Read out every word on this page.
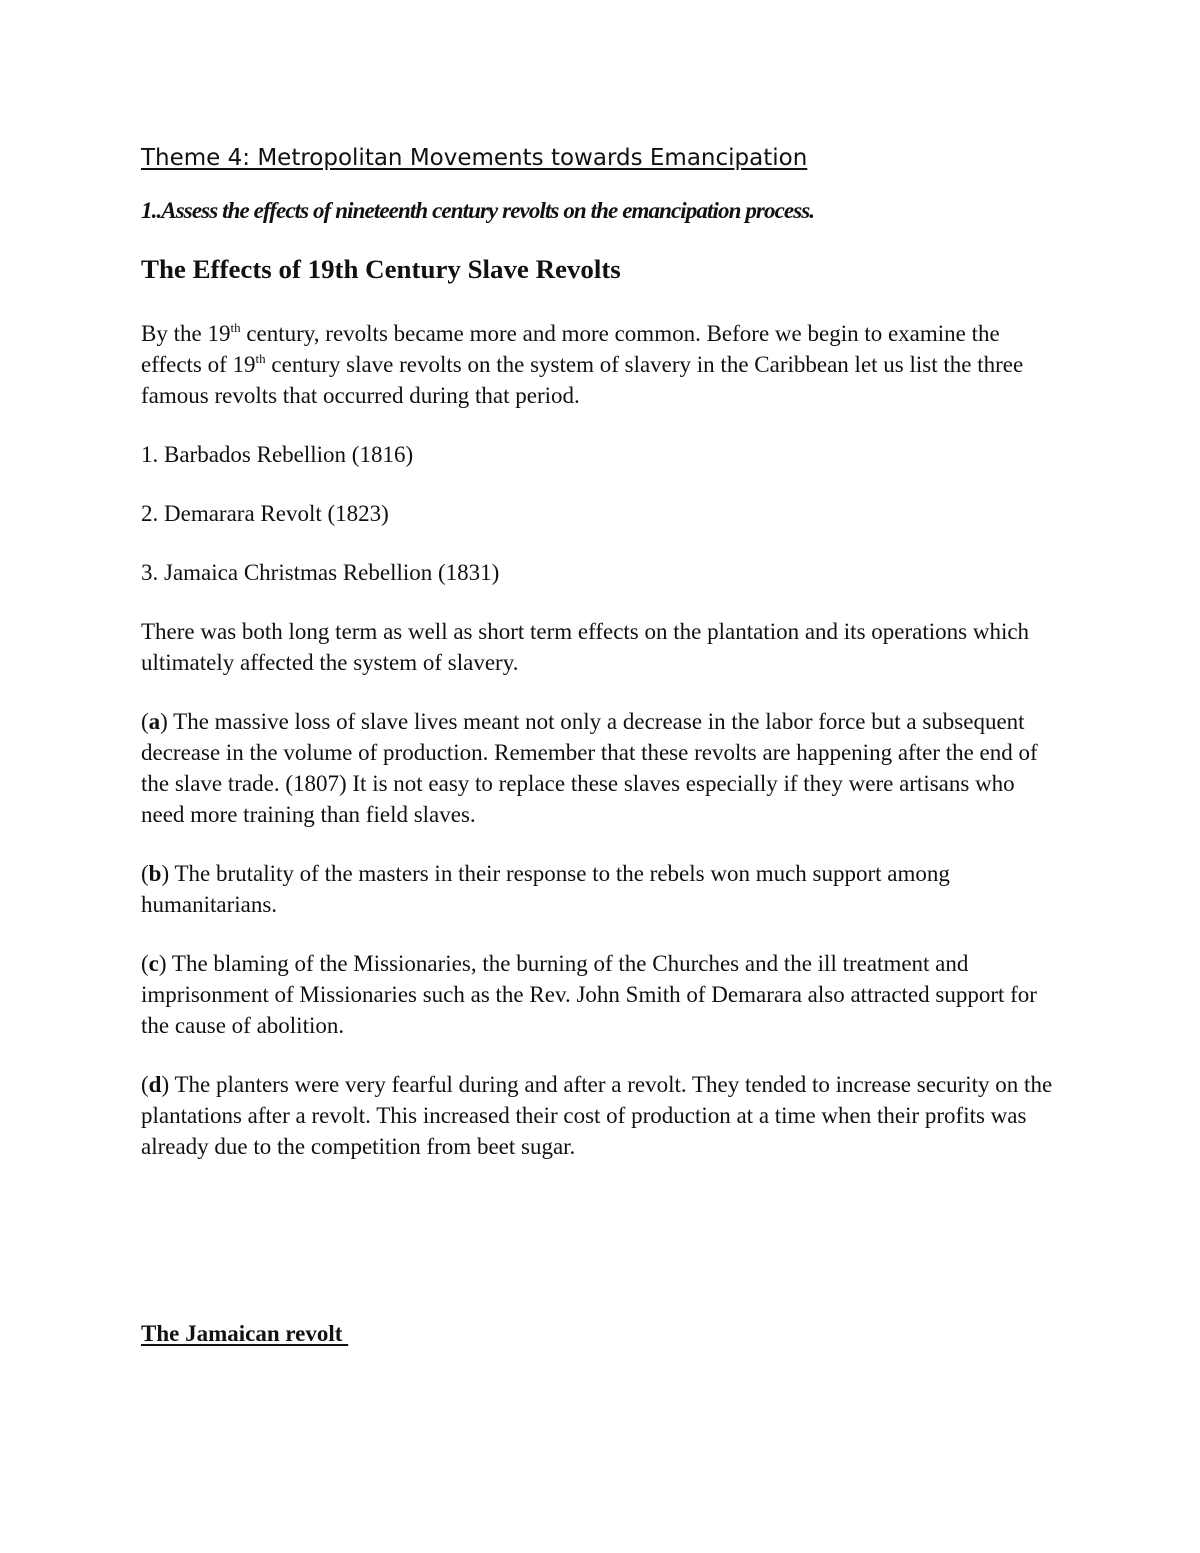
Theme 4: Metropolitan Movements towards Emancipation

1..Assess the effects of nineteenth century revolts on the emancipation process.

The Effects of 19th Century Slave Revolts

By the 19th century, revolts became more and more common. Before we begin to examine the effects of 19th century slave revolts on the system of slavery in the Caribbean let us list the three famous revolts that occurred during that period.

1. Barbados Rebellion (1816)

2. Demarara Revolt (1823)

3. Jamaica Christmas Rebellion (1831)

There was both long term as well as short term effects on the plantation and its operations which ultimately affected the system of slavery.

(a) The massive loss of slave lives meant not only a decrease in the labor force but a subsequent decrease in the volume of production. Remember that these revolts are happening after the end of the slave trade. (1807) It is not easy to replace these slaves especially if they were artisans who need more training than field slaves.

(b) The brutality of the masters in their response to the rebels won much support among humanitarians.

(c) The blaming of the Missionaries, the burning of the Churches and the ill treatment and imprisonment of Missionaries such as the Rev. John Smith of Demarara also attracted support for the cause of abolition.

(d) The planters were very fearful during and after a revolt. They tended to increase security on the plantations after a revolt. This increased their cost of production at a time when their profits was already due to the competition from beet sugar.

The Jamaican revolt
